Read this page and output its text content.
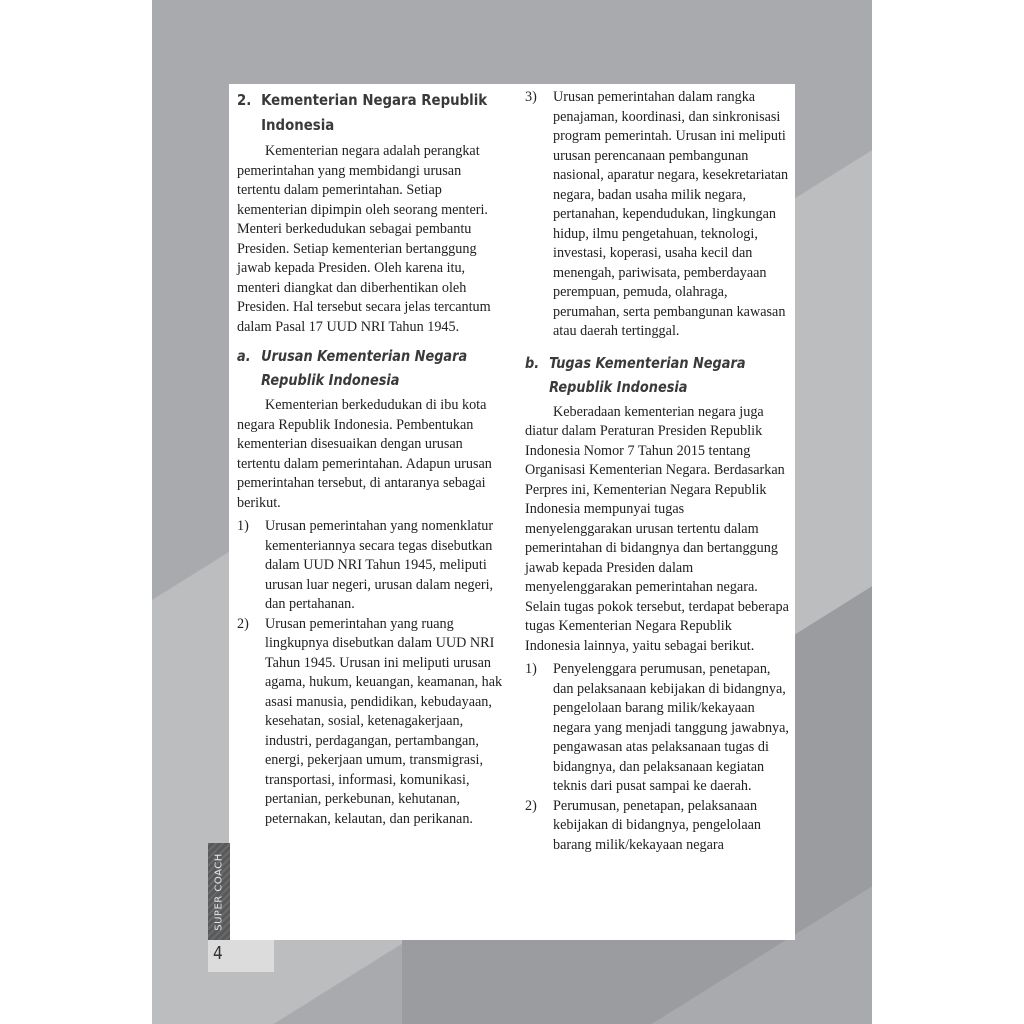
2. Kementerian Negara Republik Indonesia

Kementerian negara adalah perangkat pemerintahan yang membidangi urusan tertentu dalam pemerintahan. Setiap kementerian dipimpin oleh seorang menteri. Menteri berkedudukan sebagai pembantu Presiden. Setiap kementerian bertanggung jawab kepada Presiden. Oleh karena itu, menteri diangkat dan diberhentikan oleh Presiden. Hal tersebut secara jelas tercantum dalam Pasal 17 UUD NRI Tahun 1945.

a. Urusan Kementerian Negara Republik Indonesia

Kementerian berkedudukan di ibu kota negara Republik Indonesia. Pembentukan kementerian disesuaikan dengan urusan tertentu dalam pemerintahan. Adapun urusan pemerintahan tersebut, di antaranya sebagai berikut.

1) Urusan pemerintahan yang nomenklatur kementeriannya secara tegas disebutkan dalam UUD NRI Tahun 1945, meliputi urusan luar negeri, urusan dalam negeri, dan pertahanan.
2) Urusan pemerintahan yang ruang lingkupnya disebutkan dalam UUD NRI Tahun 1945. Urusan ini meliputi urusan agama, hukum, keuangan, keamanan, hak asasi manusia, pendidikan, kebudayaan, kesehatan, sosial, ketenagakerjaan, industri, perdagangan, pertambangan, energi, pekerjaan umum, transmigrasi, transportasi, informasi, komunikasi, pertanian, perkebunan, kehutanan, peternakan, kelautan, dan perikanan.
3) Urusan pemerintahan dalam rangka penajaman, koordinasi, dan sinkronisasi program pemerintah. Urusan ini meliputi urusan perencanaan pembangunan nasional, aparatur negara, kesekretariatan negara, badan usaha milik negara, pertanahan, kependudukan, lingkungan hidup, ilmu pengetahuan, teknologi, investasi, koperasi, usaha kecil dan menengah, pariwisata, pemberdayaan perempuan, pemuda, olahraga, perumahan, serta pembangunan kawasan atau daerah tertinggal.
b. Tugas Kementerian Negara Republik Indonesia

Keberadaan kementerian negara juga diatur dalam Peraturan Presiden Republik Indonesia Nomor 7 Tahun 2015 tentang Organisasi Kementerian Negara. Berdasarkan Perpres ini, Kementerian Negara Republik Indonesia mempunyai tugas menyelenggarakan urusan tertentu dalam pemerintahan di bidangnya dan bertanggung jawab kepada Presiden dalam menyelenggarakan pemerintahan negara. Selain tugas pokok tersebut, terdapat beberapa tugas Kementerian Negara Republik Indonesia lainnya, yaitu sebagai berikut.

1) Penyelenggara perumusan, penetapan, dan pelaksanaan kebijakan di bidangnya, pengelolaan barang milik/kekayaan negara yang menjadi tanggung jawabnya, pengawasan atas pelaksanaan tugas di bidangnya, dan pelaksanaan kegiatan teknis dari pusat sampai ke daerah.
2) Perumusan, penetapan, pelaksanaan kebijakan di bidangnya, pengelolaan barang milik/kekayaan negara
SUPER COACH
4
